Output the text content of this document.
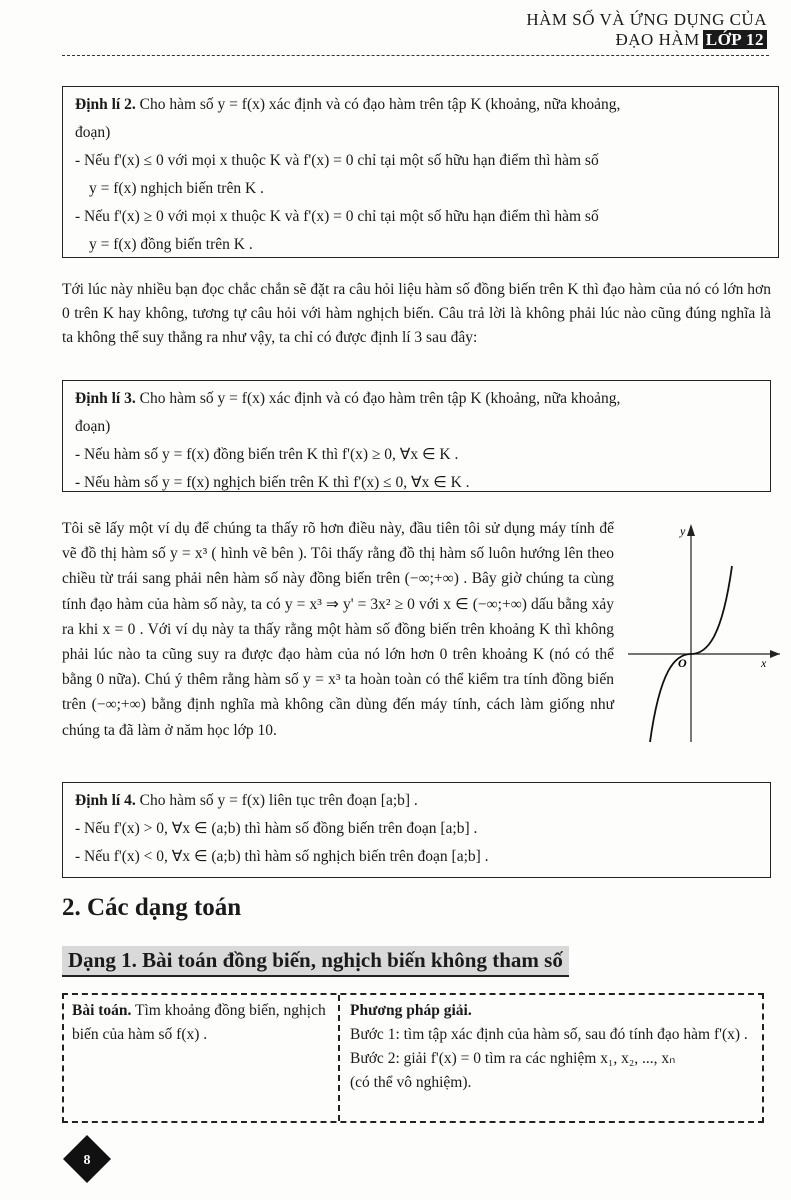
HÀM SỐ VÀ ỨNG DỤNG CỦA
ĐẠO HÀM LỚP 12
Định lí 2. Cho hàm số y = f(x) xác định và có đạo hàm trên tập K (khoảng, nữa khoảng,
đoạn)
- Nếu f'(x) ≤ 0 với mọi x thuộc K và f'(x) = 0 chỉ tại một số hữu hạn điểm thì hàm số
y = f(x) nghịch biến trên K .
- Nếu f'(x) ≥ 0 với mọi x thuộc K và f'(x) = 0 chỉ tại một số hữu hạn điểm thì hàm số
y = f(x) đồng biến trên K .
Tới lúc này nhiều bạn đọc chắc chắn sẽ đặt ra câu hỏi liệu hàm số đồng biến trên K thì đạo hàm của nó có lớn hơn 0 trên K hay không, tương tự câu hỏi với hàm nghịch biến. Câu trả lời là không phải lúc nào cũng đúng nghĩa là ta không thể suy thẳng ra như vậy, ta chỉ có được định lí 3 sau đây:
Định lí 3. Cho hàm số y = f(x) xác định và có đạo hàm trên tập K (khoảng, nữa khoảng,
đoạn)
- Nếu hàm số y = f(x) đồng biến trên K thì f'(x) ≥ 0, ∀x ∈ K .
- Nếu hàm số y = f(x) nghịch biến trên K thì f'(x) ≤ 0, ∀x ∈ K .
Tôi sẽ lấy một ví dụ để chúng ta thấy rõ hơn điều này, đầu tiên tôi sử dụng máy tính để vẽ đồ thị hàm số y = x³ ( hình vẽ bên ). Tôi thấy rằng đồ thị hàm số luôn hướng lên theo chiều từ trái sang phải nên hàm số này đồng biến trên (−∞;+∞) . Bây giờ chúng ta cùng tính đạo hàm của hàm số này, ta có y = x³ ⇒ y' = 3x² ≥ 0 với x ∈ (−∞;+∞) dấu bằng xảy ra khi x = 0 . Với ví dụ này ta thấy rằng một hàm số đồng biến trên khoảng K thì không phải lúc nào ta cũng suy ra được đạo hàm của nó lớn hơn 0 trên khoảng K (nó có thể bằng 0 nữa). Chú ý thêm rằng hàm số y = x³ ta hoàn toàn có thể kiểm tra tính đồng biến trên (−∞;+∞) bằng định nghĩa mà không cần dùng đến máy tính, cách làm giống như chúng ta đã làm ở năm học lớp 10.
y
x
O
Định lí 4. Cho hàm số y = f(x) liên tục trên đoạn [a;b] .
- Nếu f'(x) > 0, ∀x ∈ (a;b) thì hàm số đồng biến trên đoạn [a;b] .
- Nếu f'(x) < 0, ∀x ∈ (a;b) thì hàm số nghịch biến trên đoạn [a;b] .
2. Các dạng toán
Dạng 1. Bài toán đồng biến, nghịch biến không tham số
Bài toán. Tìm khoảng đồng biến, nghịch biến của hàm số f(x) .
Phương pháp giải.
Bước 1: tìm tập xác định của hàm số, sau đó tính đạo hàm f'(x) .
Bước 2: giải f'(x) = 0 tìm ra các nghiệm x₁, x₂, ..., xₙ
(có thể vô nghiệm).
8
